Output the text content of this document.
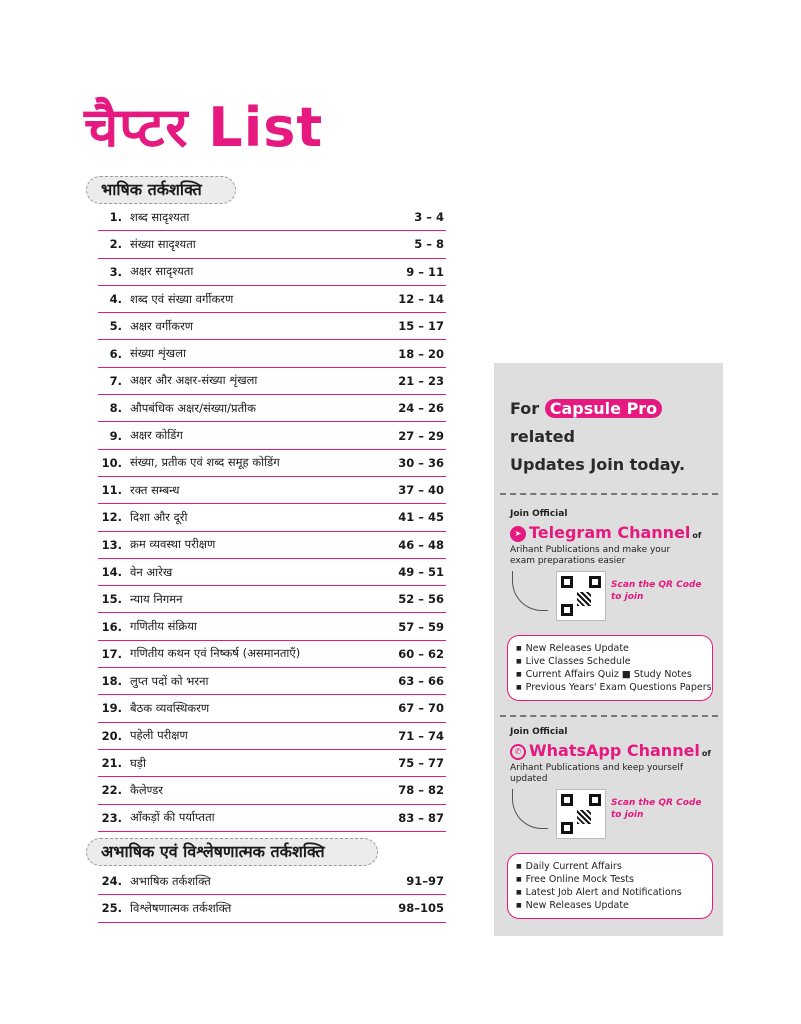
चैप्टर List
भाषिक तर्कशक्ति
1. शब्द सादृश्यता	3 – 4
2. संख्या सादृश्यता	5 – 8
3. अक्षर सादृश्यता	9 – 11
4. शब्द एवं संख्या वर्गीकरण	12 – 14
5. अक्षर वर्गीकरण	15 – 17
6. संख्या शृंखला	18 – 20
7. अक्षर और अक्षर-संख्या शृंखला	21 – 23
8. औपबंधिक अक्षर/संख्या/प्रतीक	24 – 26
9. अक्षर कोडिंग	27 – 29
10. संख्या, प्रतीक एवं शब्द समूह कोडिंग	30 – 36
11. रक्त सम्बन्ध	37 – 40
12. दिशा और दूरी	41 – 45
13. क्रम व्यवस्था परीक्षण	46 – 48
14. वेन आरेख	49 – 51
15. न्याय निगमन	52 – 56
16. गणितीय संक्रिया	57 – 59
17. गणितीय कथन एवं निष्कर्ष (असमानताएँ)	60 – 62
18. लुप्त पदों को भरना	63 – 66
19. बैठक व्यवस्थिकरण	67 – 70
20. पहेली परीक्षण	71 – 74
21. घड़ी	75 – 77
22. कैलेण्डर	78 – 82
23. आँकड़ों की पर्याप्तता	83 – 87
अभाषिक एवं विश्लेषणात्मक तर्कशक्ति
24. अभाषिक तर्कशक्ति	91–97
25. विश्लेषणात्मक तर्कशक्ति	98–105
For Capsule Pro related
Updates Join today.
Join Official
➤ Telegram Channel of
Arihant Publications and make your exam preparations easier
Scan the QR Code to join
■ New Releases Update
■ Live Classes Schedule
■ Current Affairs Quiz ■ Study Notes
■ Previous Years' Exam Questions Papers
Join Official
✆ WhatsApp Channel of
Arihant Publications and keep yourself updated
Scan the QR Code to join
■ Daily Current Affairs
■ Free Online Mock Tests
■ Latest Job Alert and Notifications
■ New Releases Update
